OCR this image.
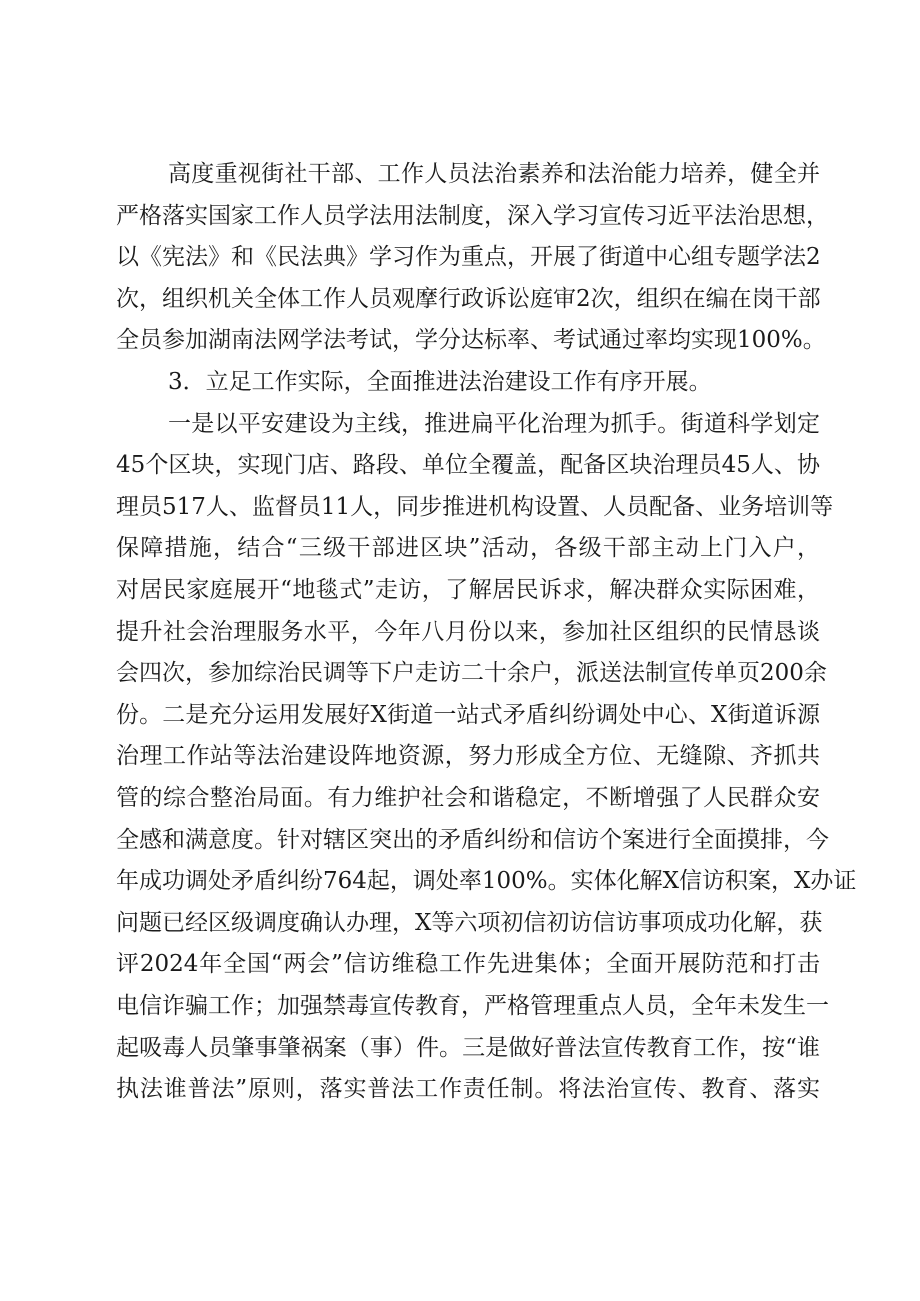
高度重视街社干部、工作人员法治素养和法治能力培养，健全并
严格落实国家工作人员学法用法制度，深入学习宣传习近平法治思想，
以《宪法》和《民法典》学习作为重点，开展了街道中心组专题学法2
次，组织机关全体工作人员观摩行政诉讼庭审2次，组织在编在岗干部
全员参加湖南法网学法考试，学分达标率、考试通过率均实现100%。
3．立足工作实际，全面推进法治建设工作有序开展。
一是以平安建设为主线，推进扁平化治理为抓手。街道科学划定
45个区块，实现门店、路段、单位全覆盖，配备区块治理员45人、协
理员517人、监督员11人，同步推进机构设置、人员配备、业务培训等
保障措施，结合“三级干部进区块”活动，各级干部主动上门入户，
对居民家庭展开“地毯式”走访，了解居民诉求，解决群众实际困难，
提升社会治理服务水平，今年八月份以来，参加社区组织的民情恳谈
会四次，参加综治民调等下户走访二十余户，派送法制宣传单页200余
份。二是充分运用发展好X街道一站式矛盾纠纷调处中心、X街道诉源
治理工作站等法治建设阵地资源，努力形成全方位、无缝隙、齐抓共
管的综合整治局面。有力维护社会和谐稳定，不断增强了人民群众安
全感和满意度。针对辖区突出的矛盾纠纷和信访个案进行全面摸排，今
年成功调处矛盾纠纷764起，调处率100%。实体化解X信访积案，X办证
问题已经区级调度确认办理，X等六项初信初访信访事项成功化解，获
评2024年全国“两会”信访维稳工作先进集体；全面开展防范和打击
电信诈骗工作；加强禁毒宣传教育，严格管理重点人员，全年未发生一
起吸毒人员肇事肇祸案（事）件。三是做好普法宣传教育工作，按“谁
执法谁普法”原则，落实普法工作责任制。将法治宣传、教育、落实
